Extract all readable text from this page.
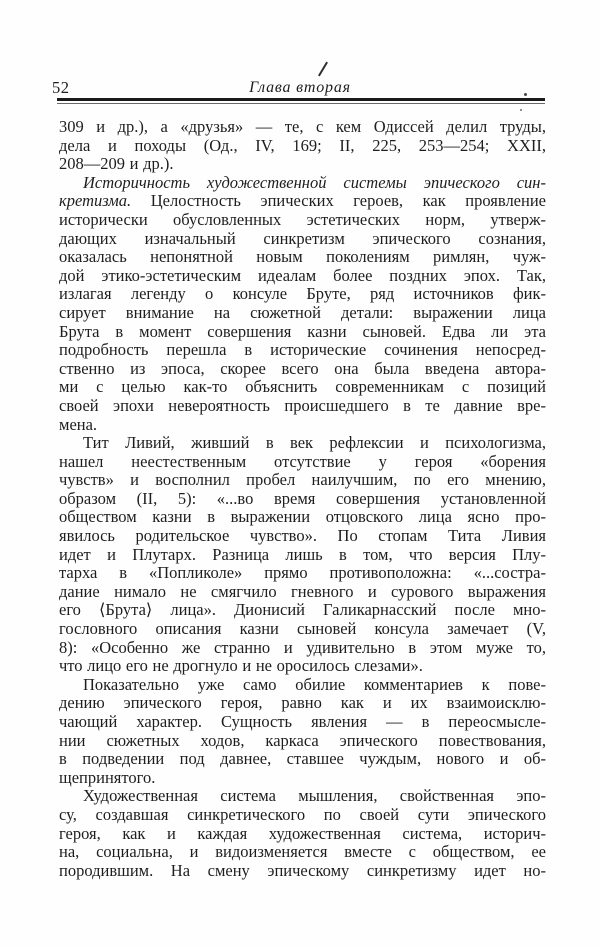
52	Глава вторая
309 и др.), а «друзья» — те, с кем Одиссей делил труды,
дела и походы (Од., IV, 169; II, 225, 253—254; XXII,
208—209 и др.).
Историчность художественной системы эпического син-
кретизма. Целостность эпических героев, как проявление
исторически обусловленных эстетических норм, утверж-
дающих изначальный синкретизм эпического сознания,
оказалась непонятной новым поколениям римлян, чуж-
дой этико-эстетическим идеалам более поздних эпох. Так,
излагая легенду о консуле Бруте, ряд источников фик-
сирует внимание на сюжетной детали: выражении лица
Брута в момент совершения казни сыновей. Едва ли эта
подробность перешла в исторические сочинения непосред-
ственно из эпоса, скорее всего она была введена автора-
ми с целью как-то объяснить современникам с позиций
своей эпохи невероятность происшедшего в те давние вре-
мена.
Тит Ливий, живший в век рефлексии и психологизма,
нашел неестественным отсутствие у героя «борения
чувств» и восполнил пробел наилучшим, по его мнению,
образом (II, 5): «...во время совершения установленной
обществом казни в выражении отцовского лица ясно про-
явилось родительское чувство». По стопам Тита Ливия
идет и Плутарх. Разница лишь в том, что версия Плу-
тарха в «Попликоле» прямо противоположна: «...состра-
дание нимало не смягчило гневного и сурового выражения
его ⟨Брута⟩ лица». Дионисий Галикарнасский после мно-
гословного описания казни сыновей консула замечает (V,
8): «Особенно же странно и удивительно в этом муже то,
что лицо его не дрогнуло и не оросилось слезами».
Показательно уже само обилие комментариев к пове-
дению эпического героя, равно как и их взаимоисклю-
чающий характер. Сущность явления — в переосмысле-
нии сюжетных ходов, каркаса эпического повествования,
в подведении под давнее, ставшее чуждым, нового и об-
щепринятого.
Художественная система мышления, свойственная эпо-
су, создавшая синкретического по своей сути эпического
героя, как и каждая художественная система, историч-
на, социальна, и видоизменяется вместе с обществом, ее
породившим. На смену эпическому синкретизму идет но-
